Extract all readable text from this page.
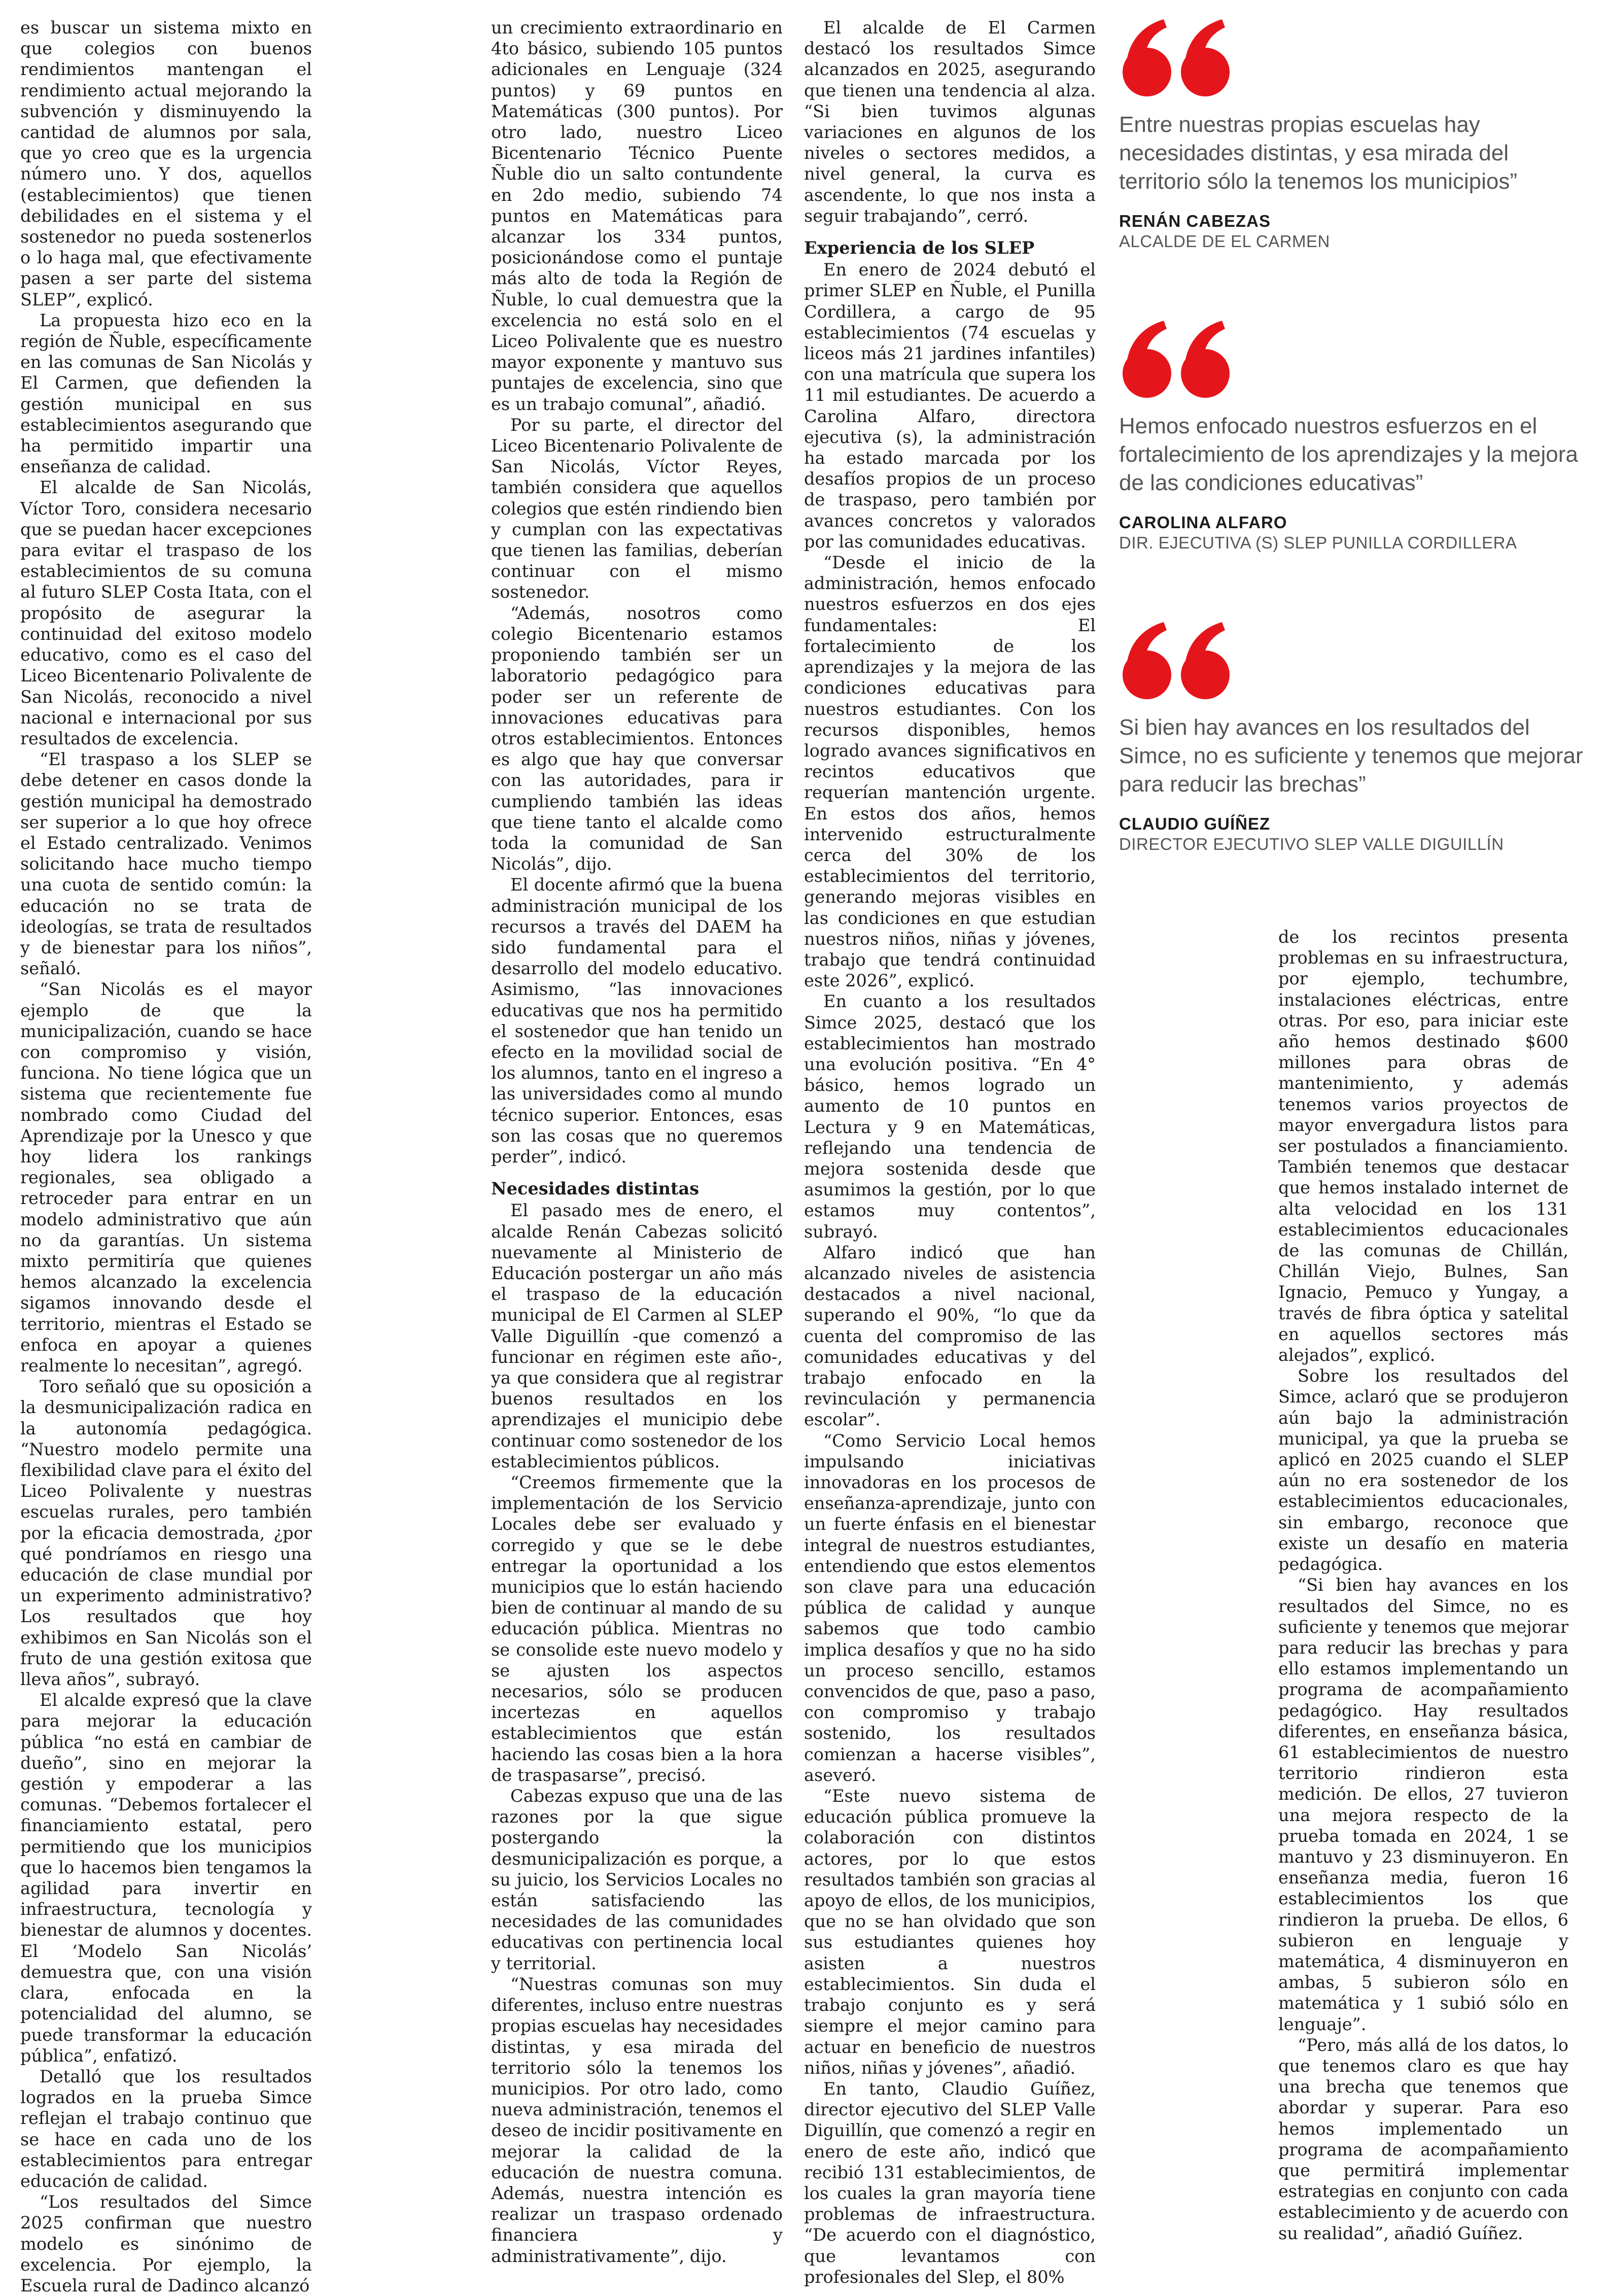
es buscar un sistema mixto en que colegios con buenos rendimientos mantengan el rendimiento actual mejorando la subvención y disminuyendo la cantidad de alumnos por sala, que yo creo que es la urgencia número uno. Y dos, aquellos (establecimientos) que tienen debilidades en el sistema y el sostenedor no pueda sostenerlos o lo haga mal, que efectivamente pasen a ser parte del sistema SLEP”, explicó.

La propuesta hizo eco en la región de Ñuble, específicamente en las comunas de San Nicolás y El Carmen, que defienden la gestión municipal en sus establecimientos asegurando que ha permitido impartir una enseñanza de calidad.

El alcalde de San Nicolás, Víctor Toro, considera necesario que se puedan hacer excepciones para evitar el traspaso de los establecimientos de su comuna al futuro SLEP Costa Itata, con el propósito de asegurar la continuidad del exitoso modelo educativo, como es el caso del Liceo Bicentenario Polivalente de San Nicolás, reconocido a nivel nacional e internacional por sus resultados de excelencia.

“El traspaso a los SLEP se debe detener en casos donde la gestión municipal ha demostrado ser superior a lo que hoy ofrece el Estado centralizado. Venimos solicitando hace mucho tiempo una cuota de sentido común: la educación no se trata de ideologías, se trata de resultados y de bienestar para los niños”, señaló.

“San Nicolás es el mayor ejemplo de que la municipalización, cuando se hace con compromiso y visión, funciona. No tiene lógica que un sistema que recientemente fue nombrado como Ciudad del Aprendizaje por la Unesco y que hoy lidera los rankings regionales, sea obligado a retroceder para entrar en un modelo administrativo que aún no da garantías. Un sistema mixto permitiría que quienes hemos alcanzado la excelencia sigamos innovando desde el territorio, mientras el Estado se enfoca en apoyar a quienes realmente lo necesitan”, agregó.

Toro señaló que su oposición a la desmunicipalización radica en la autonomía pedagógica. “Nuestro modelo permite una flexibilidad clave para el éxito del Liceo Polivalente y nuestras escuelas rurales, pero también por la eficacia demostrada, ¿por qué pondríamos en riesgo una educación de clase mundial por un experimento administrativo? Los resultados que hoy exhibimos en San Nicolás son el fruto de una gestión exitosa que lleva años”, subrayó.

El alcalde expresó que la clave para mejorar la educación pública “no está en cambiar de dueño”, sino en mejorar la gestión y empoderar a las comunas. “Debemos fortalecer el financiamiento estatal, pero permitiendo que los municipios que lo hacemos bien tengamos la agilidad para invertir en infraestructura, tecnología y bienestar de alumnos y docentes. El ‘Modelo San Nicolás’ demuestra que, con una visión clara, enfocada en la potencialidad del alumno, se puede transformar la educación pública”, enfatizó.

Detalló que los resultados logrados en la prueba Simce reflejan el trabajo continuo que se hace en cada uno de los establecimientos para entregar educación de calidad.

“Los resultados del Simce 2025 confirman que nuestro modelo es sinónimo de excelencia. Por ejemplo, la Escuela rural de Dadinco alcanzó

un crecimiento extraordinario en 4to básico, subiendo 105 puntos adicionales en Lenguaje (324 puntos) y 69 puntos en Matemáticas (300 puntos). Por otro lado, nuestro Liceo Bicentenario Técnico Puente Ñuble dio un salto contundente en 2do medio, subiendo 74 puntos en Matemáticas para alcanzar los 334 puntos, posicionándose como el puntaje más alto de toda la Región de Ñuble, lo cual demuestra que la excelencia no está solo en el Liceo Polivalente que es nuestro mayor exponente y mantuvo sus puntajes de excelencia, sino que es un trabajo comunal”, añadió.

Por su parte, el director del Liceo Bicentenario Polivalente de San Nicolás, Víctor Reyes, también considera que aquellos colegios que estén rindiendo bien y cumplan con las expectativas que tienen las familias, deberían continuar con el mismo sostenedor.

“Además, nosotros como colegio Bicentenario estamos proponiendo también ser un laboratorio pedagógico para poder ser un referente de innovaciones educativas para otros establecimientos. Entonces es algo que hay que conversar con las autoridades, para ir cumpliendo también las ideas que tiene tanto el alcalde como toda la comunidad de San Nicolás”, dijo.

El docente afirmó que la buena administración municipal de los recursos a través del DAEM ha sido fundamental para el desarrollo del modelo educativo. Asimismo, “las innovaciones educativas que nos ha permitido el sostenedor que han tenido un efecto en la movilidad social de los alumnos, tanto en el ingreso a las universidades como al mundo técnico superior. Entonces, esas son las cosas que no queremos perder”, indicó.

Necesidades distintas

El pasado mes de enero, el alcalde Renán Cabezas solicitó nuevamente al Ministerio de Educación postergar un año más el traspaso de la educación municipal de El Carmen al SLEP Valle Diguillín -que comenzó a funcionar en régimen este año-, ya que considera que al registrar buenos resultados en los aprendizajes el municipio debe continuar como sostenedor de los establecimientos públicos.

“Creemos firmemente que la implementación de los Servicio Locales debe ser evaluado y corregido y que se le debe entregar la oportunidad a los municipios que lo están haciendo bien de continuar al mando de su educación pública. Mientras no se consolide este nuevo modelo y se ajusten los aspectos necesarios, sólo se producen incertezas en aquellos establecimientos que están haciendo las cosas bien a la hora de traspasarse”, precisó.

Cabezas expuso que una de las razones por la que sigue postergando la desmunicipalización es porque, a su juicio, los Servicios Locales no están satisfaciendo las necesidades de las comunidades educativas con pertinencia local y territorial.

“Nuestras comunas son muy diferentes, incluso entre nuestras propias escuelas hay necesidades distintas, y esa mirada del territorio sólo la tenemos los municipios. Por otro lado, como nueva administración, tenemos el deseo de incidir positivamente en mejorar la calidad de la educación de nuestra comuna. Además, nuestra intención es realizar un traspaso ordenado financiera y administrativamente”, dijo.

El alcalde de El Carmen destacó los resultados Simce alcanzados en 2025, asegurando que tienen una tendencia al alza. “Si bien tuvimos algunas variaciones en algunos de los niveles o sectores medidos, a nivel general, la curva es ascendente, lo que nos insta a seguir trabajando”, cerró.

Experiencia de los SLEP

En enero de 2024 debutó el primer SLEP en Ñuble, el Punilla Cordillera, a cargo de 95 establecimientos (74 escuelas y liceos más 21 jardines infantiles) con una matrícula que supera los 11 mil estudiantes. De acuerdo a Carolina Alfaro, directora ejecutiva (s), la administración ha estado marcada por los desafíos propios de un proceso de traspaso, pero también por avances concretos y valorados por las comunidades educativas.

“Desde el inicio de la administración, hemos enfocado nuestros esfuerzos en dos ejes fundamentales: El fortalecimiento de los aprendizajes y la mejora de las condiciones educativas para nuestros estudiantes. Con los recursos disponibles, hemos logrado avances significativos en recintos educativos que requerían mantención urgente. En estos dos años, hemos intervenido estructuralmente cerca del 30% de los establecimientos del territorio, generando mejoras visibles en las condiciones en que estudian nuestros niños, niñas y jóvenes, trabajo que tendrá continuidad este 2026”, explicó.

En cuanto a los resultados Simce 2025, destacó que los establecimientos han mostrado una evolución positiva. “En 4° básico, hemos logrado un aumento de 10 puntos en Lectura y 9 en Matemáticas, reflejando una tendencia de mejora sostenida desde que asumimos la gestión, por lo que estamos muy contentos”, subrayó.

Alfaro indicó que han alcanzado niveles de asistencia destacados a nivel nacional, superando el 90%, “lo que da cuenta del compromiso de las comunidades educativas y del trabajo enfocado en la revinculación y permanencia escolar”.

“Como Servicio Local hemos impulsando iniciativas innovadoras en los procesos de enseñanza-aprendizaje, junto con un fuerte énfasis en el bienestar integral de nuestros estudiantes, entendiendo que estos elementos son clave para una educación pública de calidad y aunque sabemos que todo cambio implica desafíos y que no ha sido un proceso sencillo, estamos convencidos de que, paso a paso, con compromiso y trabajo sostenido, los resultados comienzan a hacerse visibles”, aseveró.

“Este nuevo sistema de educación pública promueve la colaboración con distintos actores, por lo que estos resultados también son gracias al apoyo de ellos, de los municipios, que no se han olvidado que son sus estudiantes quienes hoy asisten a nuestros establecimientos. Sin duda el trabajo conjunto es y será siempre el mejor camino para actuar en beneficio de nuestros niños, niñas y jóvenes”, añadió.

En tanto, Claudio Guíñez, director ejecutivo del SLEP Valle Diguillín, que comenzó a regir en enero de este año, indicó que recibió 131 establecimientos, de los cuales la gran mayoría tiene problemas de infraestructura. “De acuerdo con el diagnóstico, que levantamos con profesionales del Slep, el 80%

de los recintos presenta problemas en su infraestructura, por ejemplo, techumbre, instalaciones eléctricas, entre otras. Por eso, para iniciar este año hemos destinado $600 millones para obras de mantenimiento, y además tenemos varios proyectos de mayor envergadura listos para ser postulados a financiamiento. También tenemos que destacar que hemos instalado internet de alta velocidad en los 131 establecimientos educacionales de las comunas de Chillán, Chillán Viejo, Bulnes, San Ignacio, Pemuco y Yungay, a través de fibra óptica y satelital en aquellos sectores más alejados”, explicó.

Sobre los resultados del Simce, aclaró que se produjeron aún bajo la administración municipal, ya que la prueba se aplicó en 2025 cuando el SLEP aún no era sostenedor de los establecimientos educacionales, sin embargo, reconoce que existe un desafío en materia pedagógica.

“Si bien hay avances en los resultados del Simce, no es suficiente y tenemos que mejorar para reducir las brechas y para ello estamos implementando un programa de acompañamiento pedagógico. Hay resultados diferentes, en enseñanza básica, 61 establecimientos de nuestro territorio rindieron esta medición. De ellos, 27 tuvieron una mejora respecto de la prueba tomada en 2024, 1 se mantuvo y 23 disminuyeron. En enseñanza media, fueron 16 establecimientos los que rindieron la prueba. De ellos, 6 subieron en lenguaje y matemática, 4 disminuyeron en ambas, 5 subieron sólo en matemática y 1 subió sólo en lenguaje”.

“Pero, más allá de los datos, lo que tenemos claro es que hay una brecha que tenemos que abordar y superar. Para eso hemos implementado un programa de acompañamiento que permitirá implementar estrategias en conjunto con cada establecimiento y de acuerdo con su realidad”, añadió Guíñez.

Entre nuestras propias escuelas hay necesidades distintas, y esa mirada del territorio sólo la tenemos los municipios”
RENÁN CABEZAS
ALCALDE DE EL CARMEN
Hemos enfocado nuestros esfuerzos en el fortalecimiento de los aprendizajes y la mejora de las condiciones educativas”
CAROLINA ALFARO
DIR. EJECUTIVA (S) SLEP PUNILLA CORDILLERA
Si bien hay avances en los resultados del Simce, no es suficiente y tenemos que mejorar para reducir las brechas”
CLAUDIO GUÍÑEZ
DIRECTOR EJECUTIVO SLEP VALLE DIGUILLÍN
